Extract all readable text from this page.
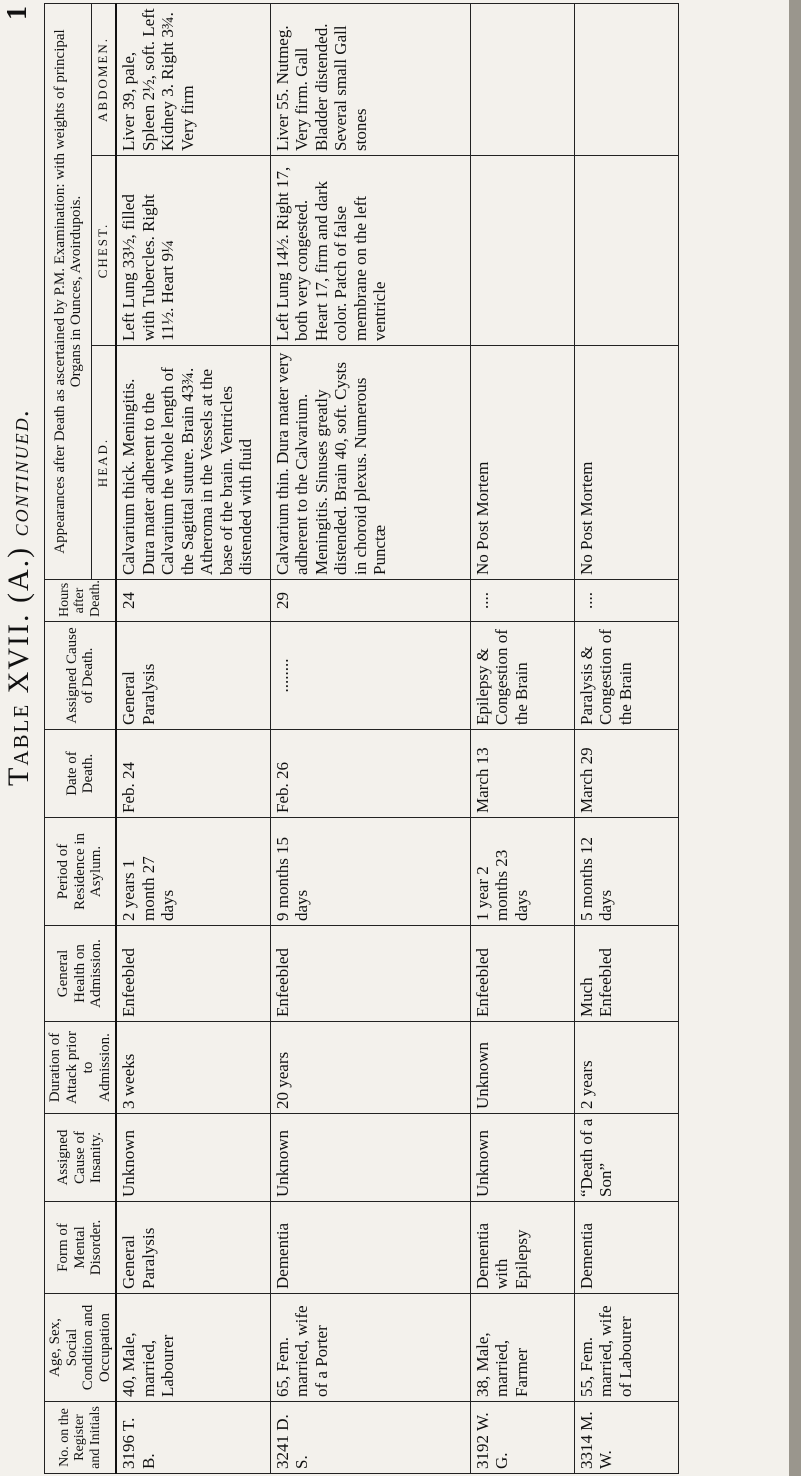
Table XVII. (A.) continued.
1
No. on the Register and Initials	Age, Sex, Social Condition and Occupation	Form of Mental Disorder.	Assigned Cause of Insanity.	Duration of Attack prior to Admission.	General Health on Admission.	Period of Residence in Asylum.	Date of Death.	Assigned Cause of Death.	Hours after Death.	Appearances after Death as ascertained by P.M. Examination: with weights of principal Organs in Ounces, Avoirdupois.		
										HEAD.	CHEST.	ABDOMEN.
3196 T. B.	40, Male, married, Labourer	General Paralysis	Unknown	3 weeks	Enfeebled	2 years 1 month 27 days	Feb. 24	General Paralysis	24	Calvarium thick. Meningitis. Dura mater adherent to the Calvarium the whole length of the Sagittal suture. Brain 43¾. Atheroma in the Vessels at the base of the brain. Ventricles distended with fluid	Left Lung 33½, filled with Tubercles. Right 11½. Heart 9¼	Liver 39, pale, Spleen 2½, soft. Left Kidney 3. Right 3¾. Very firm
3241 D. S.	65, Fem. married, wife of a Porter	Dementia	Unknown	20 years	Enfeebled	9 months 15 days	Feb. 26	........	29	Calvarium thin. Dura mater very adherent to the Calvarium. Meningitis. Sinuses greatly distended. Brain 40, soft. Cysts in choroid plexus. Numerous Punctæ	Left Lung 14½. Right 17, both very congested. Heart 17, firm and dark color. Patch of false membrane on the left ventricle	Liver 55. Nutmeg. Very firm. Gall Bladder distended. Several small Gall stones
3192 W. G.	38, Male, married, Farmer	Dementia with Epilepsy	Unknown	Unknown	Enfeebled	1 year 2 months 23 days	March 13	Epilepsy & Congestion of the Brain	....	No Post Mortem		
3314 M. W.	55, Fem. married, wife of Labourer	Dementia	“Death of a Son”	2 years	Much Enfeebled	5 months 12 days	March 29	Paralysis & Congestion of the Brain	....	No Post Mortem		
